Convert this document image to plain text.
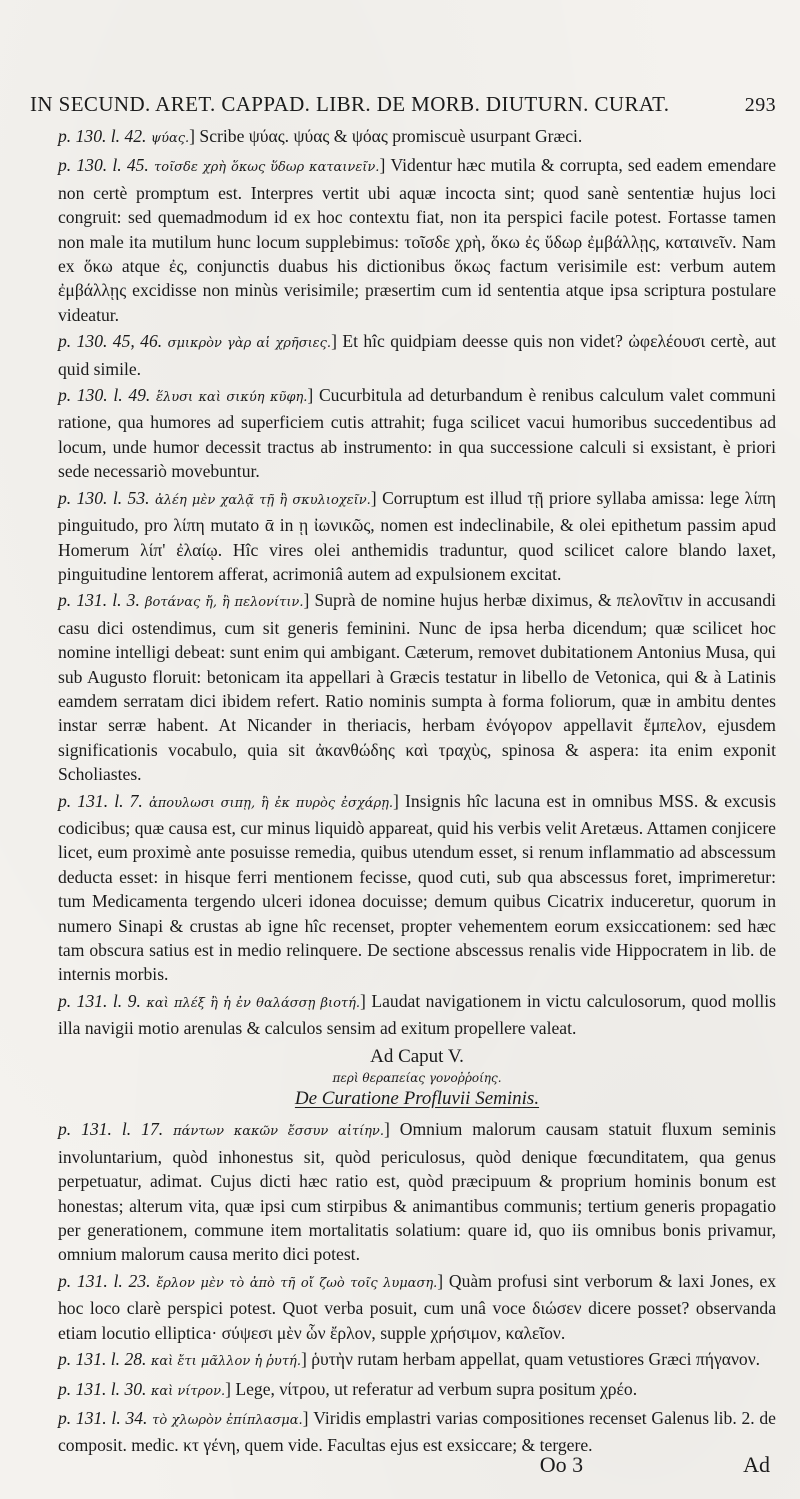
IN SECUND. ARET. CAPPAD. LIBR. DE MORB. DIUTURN. CURAT.	293

p. 130. l. 42. ψύας.] Scribe ψύας. ψύας & ψόας promiscuè usurpant Græci.

p. 130. l. 45. τοῖσδε χρὴ ὅκως ὕδωρ καταινεῖν.] Videntur hæc mutila & corrupta, sed eadem emendare non certè promptum est. Interpres vertit ubi aquæ incocta sint; quod sanè sententiæ hujus loci congruit: sed quemadmodum id ex hoc contextu fiat, non ita perspici facile potest. Fortasse tamen non male ita mutilum hunc locum supplebimus: τοῖσδε χρὴ, ὅκω ἐς ὕδωρ ἐμβάλλῃς, καταινεῖν. Nam ex ὅκω atque ἐς, conjunctis duabus his dictionibus ὅκως factum verisimile est: verbum autem ἐμβάλλῃς excidisse non minùs verisimile; præsertim cum id sententia atque ipsa scriptura postulare videatur.

p. 130. 45, 46. σμικρὸν γὰρ αἱ χρῆσιες.] Et hîc quidpiam deesse quis non videt? ὠφελέουσι certè, aut quid simile.

p. 130. l. 49. ἕλυσι καὶ σικύη κῦφη.] Cucurbitula ad deturbandum è renibus calculum valet communi ratione, qua humores ad superficiem cutis attrahit; fuga scilicet vacui humoribus succedentibus ad locum, unde humor decessit tractus ab instrumento: in qua successione calculi si exsistant, è priori sede necessariò movebuntur.

p. 130. l. 53. ἀλέη μὲν χαλᾷ τῇ ἢ σκυλιοχεῖν.] Corruptum est illud τῇ priore syllaba amissa: lege λίπη pinguitudo, pro λίπη mutato ᾱ in ῃ ἰωνικῶς, nomen est indeclinabile, & olei epithetum passim apud Homerum λίπ' ἐλαίῳ. Hîc vires olei anthemidis traduntur, quod scilicet calore blando laxet, pinguitudine lentorem afferat, acrimoniâ autem ad expulsionem excitat.

p. 131. l. 3. βοτάνας ἤ, ἢ πελονίτιν.] Suprà de nomine hujus herbæ diximus, & πελονῖτιν in accusandi casu dici ostendimus, cum sit generis feminini. Nunc de ipsa herba dicendum; quæ scilicet hoc nomine intelligi debeat: sunt enim qui ambigant. Cæterum, removet dubitationem Antonius Musa, qui sub Augusto floruit: betonicam ita appellari à Græcis testatur in libello de Vetonica, qui & à Latinis eamdem serratam dici ibidem refert. Ratio nominis sumpta à forma foliorum, quæ in ambitu dentes instar serræ habent. At Nicander in theriacis, herbam ἐνόγορον appellavit ἔμπελον, ejusdem significationis vocabulo, quia sit ἀκανθώδης καὶ τραχὺς, spinosa & aspera: ita enim exponit Scholiastes.

p. 131. l. 7. ἀπουλωσι σιπῃ, ἢ ἐκ πυρὸς ἐσχάρῃ.] Insignis hîc lacuna est in omnibus MSS. & excusis codicibus; quæ causa est, cur minus liquidò appareat, quid his verbis velit Aretæus. Attamen conjicere licet, eum proximè ante posuisse remedia, quibus utendum esset, si renum inflammatio ad abscessum deducta esset: in hisque ferri mentionem fecisse, quod cuti, sub qua abscessus foret, imprimeretur: tum Medicamenta tergendo ulceri idonea docuisse; demum quibus Cicatrix induceretur, quorum in numero Sinapi & crustas ab igne hîc recenset, propter vehementem eorum exsiccationem: sed hæc tam obscura satius est in medio relinquere. De sectione abscessus renalis vide Hippocratem in lib. de internis morbis.

p. 131. l. 9. καὶ πλέξ ἢ ἡ ἐν θαλάσσῃ βιοτή.] Laudat navigationem in victu calculosorum, quod mollis illa navigii motio arenulas & calculos sensim ad exitum propellere valeat.

Ad Caput V.
περὶ θεραπείας γονοῤῥοίης.
De Curatione Profluvii Seminis.

p. 131. l. 17. πάντων κακῶν ἔσσυν αἰτίην.] Omnium malorum causam statuit fluxum seminis involuntarium, quòd inhonestus sit, quòd periculosus, quòd denique fœcunditatem, qua genus perpetuatur, adimat. Cujus dicti hæc ratio est, quòd præcipuum & proprium hominis bonum est honestas; alterum vita, quæ ipsi cum stirpibus & animantibus communis; tertium generis propagatio per generationem, commune item mortalitatis solatium: quare id, quo iis omnibus bonis privamur, omnium malorum causa merito dici potest.

p. 131. l. 23. ἔρλον μὲν τὸ ἀπὸ τῆ οἴ ζωὸ τοῖς λυμαση.] Quàm profusi sint verborum & laxi Jones, ex hoc loco clarè perspici potest. Quot verba posuit, cum unâ voce διώσεν dicere posset? observanda etiam locutio elliptica· σύψεσι μὲν ὧν ἔρλον, supple χρήσιμον, καλεῖον.

p. 131. l. 28. καὶ ἔτι μᾶλλον ἡ ῥυτή.] ῥυτὴν rutam herbam appellat, quam vetustiores Græci πήγανον.

p. 131. l. 30. καὶ νίτρον.] Lege, νίτρου, ut referatur ad verbum supra positum χρέο.

p. 131. l. 34. τὸ χλωρὸν ἐπίπλασμα.] Viridis emplastri varias compositiones recenset Galenus lib. 2. de composit. medic. κτ γένη, quem vide. Facultas ejus est exsiccare; & tergere.

Oo 3	Ad
